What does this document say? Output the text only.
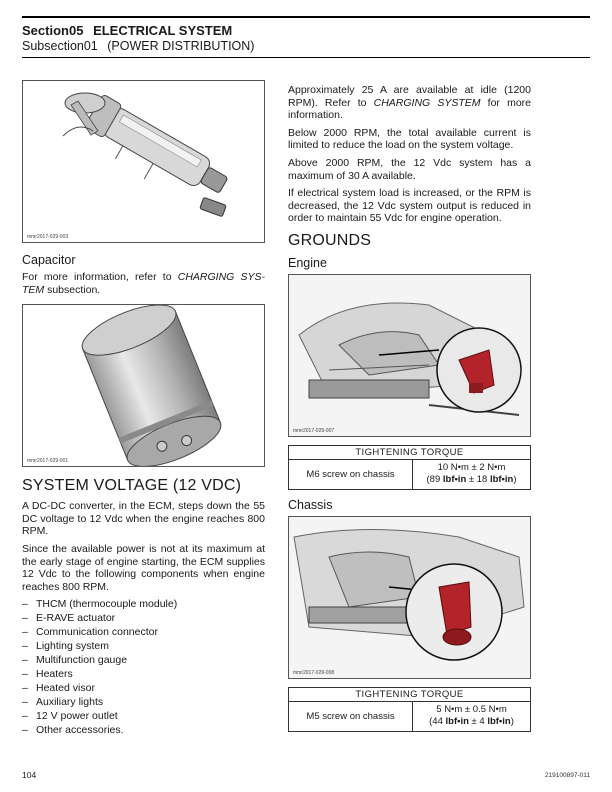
Section05 ELECTRICAL SYSTEM
Subsection01 (POWER DISTRIBUTION)
mmr2017-029-003
Capacitor

For more information, refer to CHARGING SYS-TEM subsection.

mmr2017-029-001
SYSTEM VOLTAGE (12 VDC)

A DC-DC converter, in the ECM, steps down the 55 DC voltage to 12 Vdc when the engine reaches 800 RPM.

Since the available power is not at its maximum at the early stage of engine starting, the ECM supplies 12 Vdc to the following components when engine reaches 800 RPM.

– THCM (thermocouple module)
– E-RAVE actuator
– Communication connector
– Lighting system
– Multifunction gauge
– Heaters
– Heated visor
– Auxiliary lights
– 12 V power outlet
– Other accessories.

Approximately 25 A are available at idle (1200 RPM). Refer to CHARGING SYSTEM for more information.

Below 2000 RPM, the total available current is limited to reduce the load on the system voltage.

Above 2000 RPM, the 12 Vdc system has a maximum of 30 A available.

If electrical system load is increased, or the RPM is decreased, the 12 Vdc system output is reduced in order to maintain 55 Vdc for engine operation.

GROUNDS
Engine
mmr2017-029-007
TIGHTENING TORQUE
M6 screw on chassis	10 N•m ± 2 N•m
(89 lbf•in ± 18 lbf•in)
Chassis
mmr2017-029-008
TIGHTENING TORQUE
M5 screw on chassis	5 N•m ± 0.5 N•m
(44 lbf•in ± 4 lbf•in)
104	219100897-011
